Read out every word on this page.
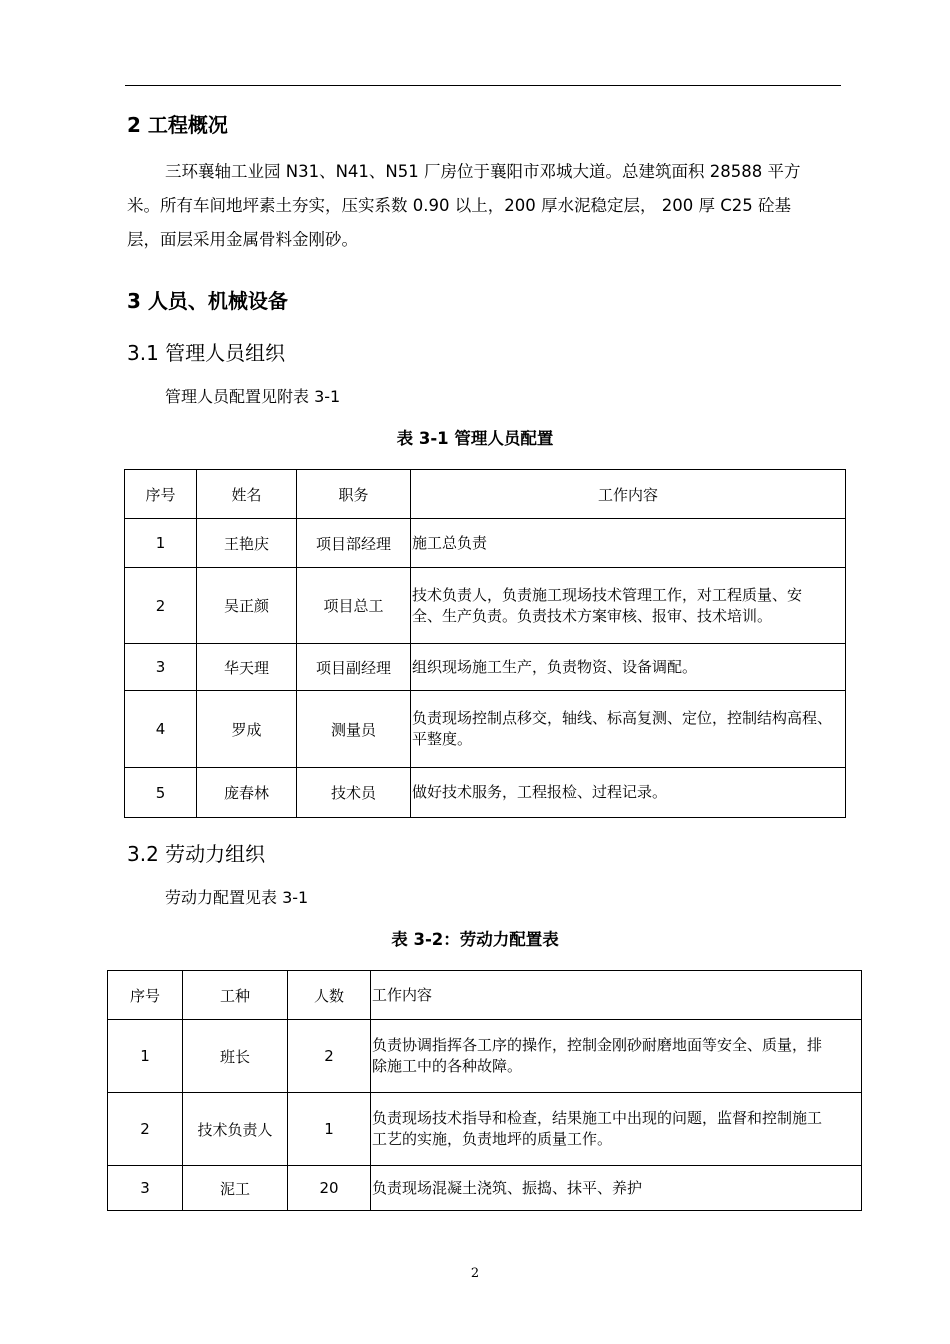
2 工程概况
三环襄轴工业园 N31、N41、N51 厂房位于襄阳市邓城大道。总建筑面积 28588 平方
米。所有车间地坪素土夯实，压实系数 0.90 以上，200 厚水泥稳定层， 200 厚 C25 砼基
层，面层采用金属骨料金刚砂。
3 人员、机械设备
3.1 管理人员组织
管理人员配置见附表 3-1
表 3-1 管理人员配置
序号	姓名	职务	工作内容
1	王艳庆	项目部经理	施工总负责

2	吴正颜	项目总工	技术负责人，负责施工现场技术管理工作，对工程质量、安
全、生产负责。负责技术方案审核、报审、技术培训。

3	华天理	项目副经理	组织现场施工生产，负责物资、设备调配。

4	罗成	测量员	负责现场控制点移交，轴线、标高复测、定位，控制结构高程、
平整度。

5	庞春林	技术员	做好技术服务，工程报检、过程记录。
3.2 劳动力组织
劳动力配置见表 3-1
表 3-2：劳动力配置表
序号	工种	人数	工作内容
1	班长	2	负责协调指挥各工序的操作，控制金刚砂耐磨地面等安全、质量，排
除施工中的各种故障。

2	技术负责人	1	负责现场技术指导和检查，结果施工中出现的问题，监督和控制施工
工艺的实施，负责地坪的质量工作。

3	泥工	20	负责现场混凝土浇筑、振捣、抹平、养护
2
